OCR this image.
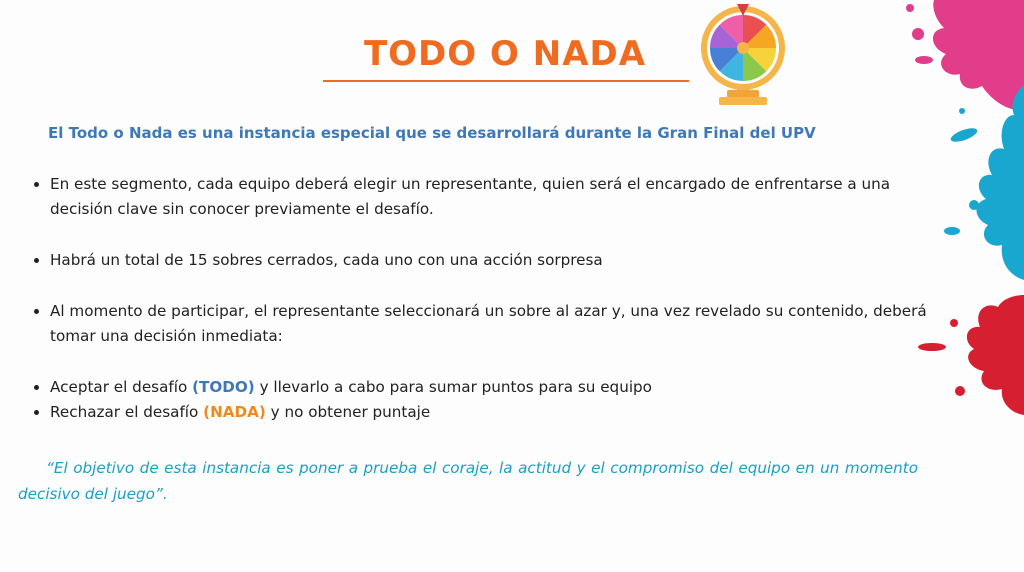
TODO O NADA
El Todo o Nada es una instancia especial que se desarrollará durante la Gran Final del UPV
En este segmento, cada equipo deberá elegir un representante, quien será el encargado de enfrentarse a una decisión clave sin conocer previamente el desafío.
Habrá un total de 15 sobres cerrados, cada uno con una acción sorpresa
Al momento de participar, el representante seleccionará un sobre al azar y, una vez revelado su contenido, deberá tomar una decisión inmediata:
Aceptar el desafío (TODO) y llevarlo a cabo para sumar puntos para su equipo
Rechazar el desafío (NADA) y no obtener puntaje
“El objetivo de esta instancia es poner a prueba el coraje, la actitud y el compromiso del equipo en un momento decisivo del juego”.
